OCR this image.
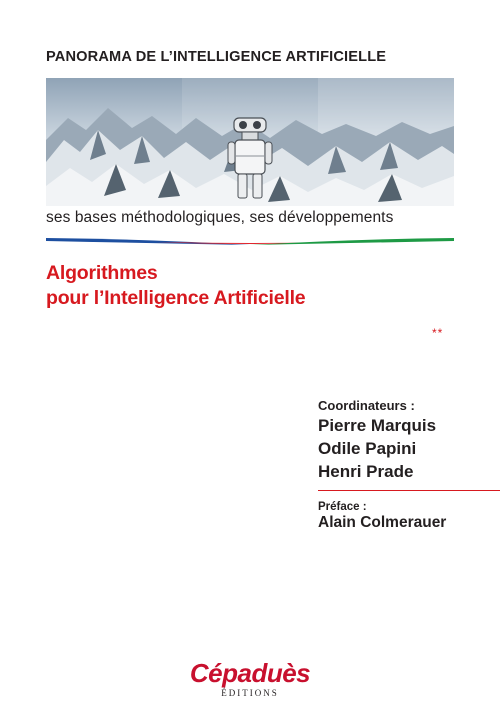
PANORAMA DE L’INTELLIGENCE ARTIFICIELLE
ses bases méthodologiques, ses développements
Algorithmes
pour l’Intelligence Artificielle
**
Coordinateurs :
Pierre Marquis
Odile Papini
Henri Prade
Préface :
Alain Colmerauer
Cépaduès
ÉDITIONS
